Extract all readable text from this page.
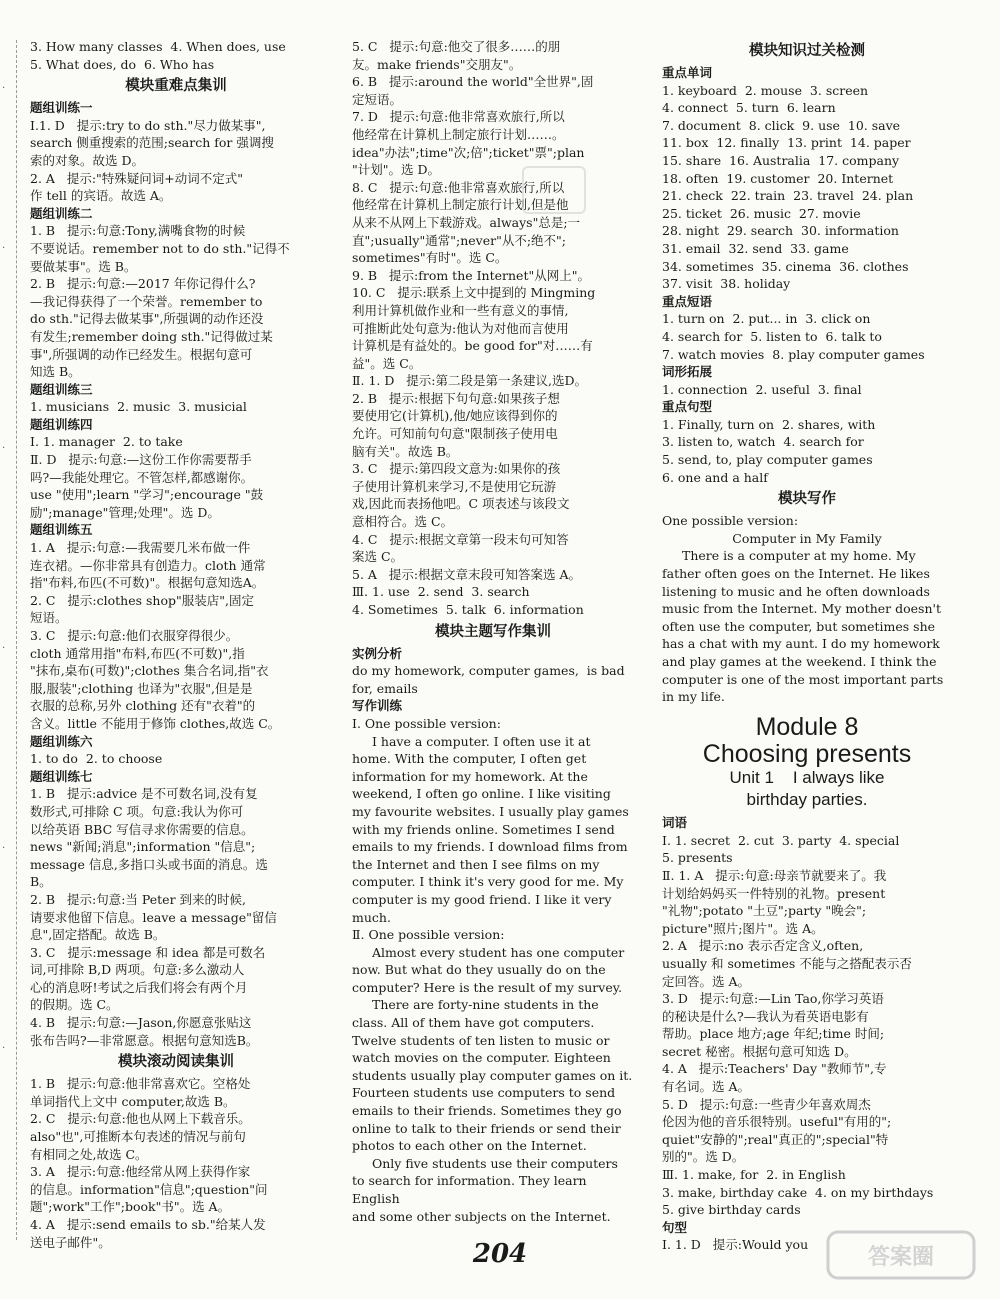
·
·
·
·
·
·
3. How many classes  4. When does, use
5. What does, do  6. Who has
模块重难点集训
题组训练一
Ⅰ.1. D   提示:try to do sth."尽力做某事",
search 侧重搜索的范围;search for 强调搜
索的对象。故选 D。
2. A   提示:"特殊疑问词+动词不定式"
作 tell 的宾语。故选 A。
题组训练二
1. B   提示:句意:Tony,满嘴食物的时候
不要说话。remember not to do sth."记得不
要做某事"。选 B。
2. B   提示:句意:—2017 年你记得什么?
—我记得获得了一个荣誉。remember to
do sth."记得去做某事",所强调的动作还没
有发生;remember doing sth."记得做过某
事",所强调的动作已经发生。根据句意可
知选 B。
题组训练三
1. musicians  2. music  3. musicial
题组训练四
Ⅰ. 1. manager  2. to take
Ⅱ. D   提示:句意:—这份工作你需要帮手
吗?—我能处理它。不管怎样,都感谢你。
use "使用";learn "学习";encourage "鼓
励";manage"管理;处理"。选 D。
题组训练五
1. A   提示:句意:—我需要几米布做一件
连衣裙。—你非常具有创造力。cloth 通常
指"布料,布匹(不可数)"。根据句意知选A。
2. C   提示:clothes shop"服装店",固定
短语。
3. C   提示:句意:他们衣服穿得很少。
cloth 通常用指"布料,布匹(不可数)",指
"抹布,桌布(可数)";clothes 集合名词,指"衣
服,服装";clothing 也译为"衣服",但是是
衣服的总称,另外 clothing 还有"衣着"的
含义。little 不能用于修饰 clothes,故选 C。
题组训练六
1. to do  2. to choose
题组训练七
1. B   提示:advice 是不可数名词,没有复
数形式,可排除 C 项。句意:我认为你可
以给英语 BBC 写信寻求你需要的信息。
news "新闻;消息";information "信息";
message 信息,多指口头或书面的消息。选
B。
2. B   提示:句意:当 Peter 到来的时候,
请要求他留下信息。leave a message"留信
息",固定搭配。故选 B。
3. C   提示:message 和 idea 都是可数名
词,可排除 B,D 两项。句意:多么激动人
心的消息呀!考试之后我们将会有两个月
的假期。选 C。
4. B   提示:句意:—Jason,你愿意张贴这
张布告吗?—非常愿意。根据句意知选B。
模块滚动阅读集训
1. B   提示:句意:他非常喜欢它。空格处
单词指代上文中 computer,故选 B。
2. C   提示:句意:他也从网上下载音乐。
also"也",可推断本句表述的情况与前句
有相同之处,故选 C。
3. A   提示:句意:他经常从网上获得作家
的信息。information"信息";question"问
题";work"工作";book"书"。选 A。
4. A   提示:send emails to sb."给某人发
送电子邮件"。
5. C   提示:句意:他交了很多……的朋
友。make friends"交朋友"。
6. B   提示:around the world"全世界",固
定短语。
7. D   提示:句意:他非常喜欢旅行,所以
他经常在计算机上制定旅行计划……。
idea"办法";time"次;倍";ticket"票";plan
"计划"。选 D。
8. C   提示:句意:他非常喜欢旅行,所以
他经常在计算机上制定旅行计划,但是他
从来不从网上下载游戏。always"总是;一
直";usually"通常";never"从不;绝不";
sometimes"有时"。选 C。
9. B   提示:from the Internet"从网上"。
10. C   提示:联系上文中提到的 Mingming
利用计算机做作业和一些有意义的事情,
可推断此处句意为:他认为对他而言使用
计算机是有益处的。be good for"对……有
益"。选 C。
Ⅱ. 1. D   提示:第二段是第一条建议,选D。
2. B   提示:根据下句句意:如果孩子想
要使用它(计算机),他/她应该得到你的
允许。可知前句句意"限制孩子使用电
脑有关"。故选 B。
3. C   提示:第四段文意为:如果你的孩
子使用计算机来学习,不是使用它玩游
戏,因此而表扬他吧。C 项表述与该段文
意相符合。选 C。
4. C   提示:根据文章第一段末句可知答
案选 C。
5. A   提示:根据文章末段可知答案选 A。
Ⅲ. 1. use  2. send  3. search
4. Sometimes  5. talk  6. information
模块主题写作集训
实例分析
do my homework, computer games,  is bad
for, emails
写作训练
Ⅰ. One possible version:
I have a computer. I often use it at
home. With the computer, I often get
information for my homework. At the
weekend, I often go online. I like visiting
my favourite websites. I usually play games
with my friends online. Sometimes I send
emails to my friends. I download films from
the Internet and then I see films on my
computer. I think it's very good for me. My
computer is my good friend. I like it very
much.
Ⅱ. One possible version:
Almost every student has one computer
now. But what do they usually do on the
computer? Here is the result of my survey.
There are forty-nine students in the
class. All of them have got computers.
Twelve students of ten listen to music or
watch movies on the computer. Eighteen
students usually play computer games on it.
Fourteen students use computers to send
emails to their friends. Sometimes they go
online to talk to their friends or send their
photos to each other on the Internet.
Only five students use their computers
to search for information. They learn English
and some other subjects on the Internet.
模块知识过关检测
重点单词
1. keyboard  2. mouse  3. screen
4. connect  5. turn  6. learn
7. document  8. click  9. use  10. save
11. box  12. finally  13. print  14. paper
15. share  16. Australia  17. company
18. often  19. customer  20. Internet
21. check  22. train  23. travel  24. plan
25. ticket  26. music  27. movie
28. night  29. search  30. information
31. email  32. send  33. game
34. sometimes  35. cinema  36. clothes
37. visit  38. holiday
重点短语
1. turn on  2. put... in  3. click on
4. search for  5. listen to  6. talk to
7. watch movies  8. play computer games
词形拓展
1. connection  2. useful  3. final
重点句型
1. Finally, turn on  2. shares, with
3. listen to, watch  4. search for
5. send, to, play computer games
6. one and a half
模块写作
One possible version:
Computer in My Family
There is a computer at my home. My
father often goes on the Internet. He likes
listening to music and he often downloads
music from the Internet. My mother doesn't
often use the computer, but sometimes she
has a chat with my aunt. I do my homework
and play games at the weekend. I think the
computer is one of the most important parts
in my life.
Module 8
Choosing presents
Unit 1    I always like
birthday parties.
词语
Ⅰ. 1. secret  2. cut  3. party  4. special
5. presents
Ⅱ. 1. A   提示:句意:母亲节就要来了。我
计划给妈妈买一件特别的礼物。present
"礼物";potato "土豆";party "晚会";
picture"照片;图片"。选 A。
2. A   提示:no 表示否定含义,often,
usually 和 sometimes 不能与之搭配表示否
定回答。选 A。
3. D   提示:句意:—Lin Tao,你学习英语
的秘诀是什么?—我认为看英语电影有
帮助。place 地方;age 年纪;time 时间;
secret 秘密。根据句意可知选 D。
4. A   提示:Teachers' Day "教师节",专
有名词。选 A。
5. D   提示:句意:一些青少年喜欢周杰
伦因为他的音乐很特别。useful"有用的";
quiet"安静的";real"真正的";special"特
别的"。选 D。
Ⅲ. 1. make, for  2. in English
3. make, birthday cake  4. on my birthdays
5. give birthday cards
句型
Ⅰ. 1. D   提示:Would you
答案圈
204
